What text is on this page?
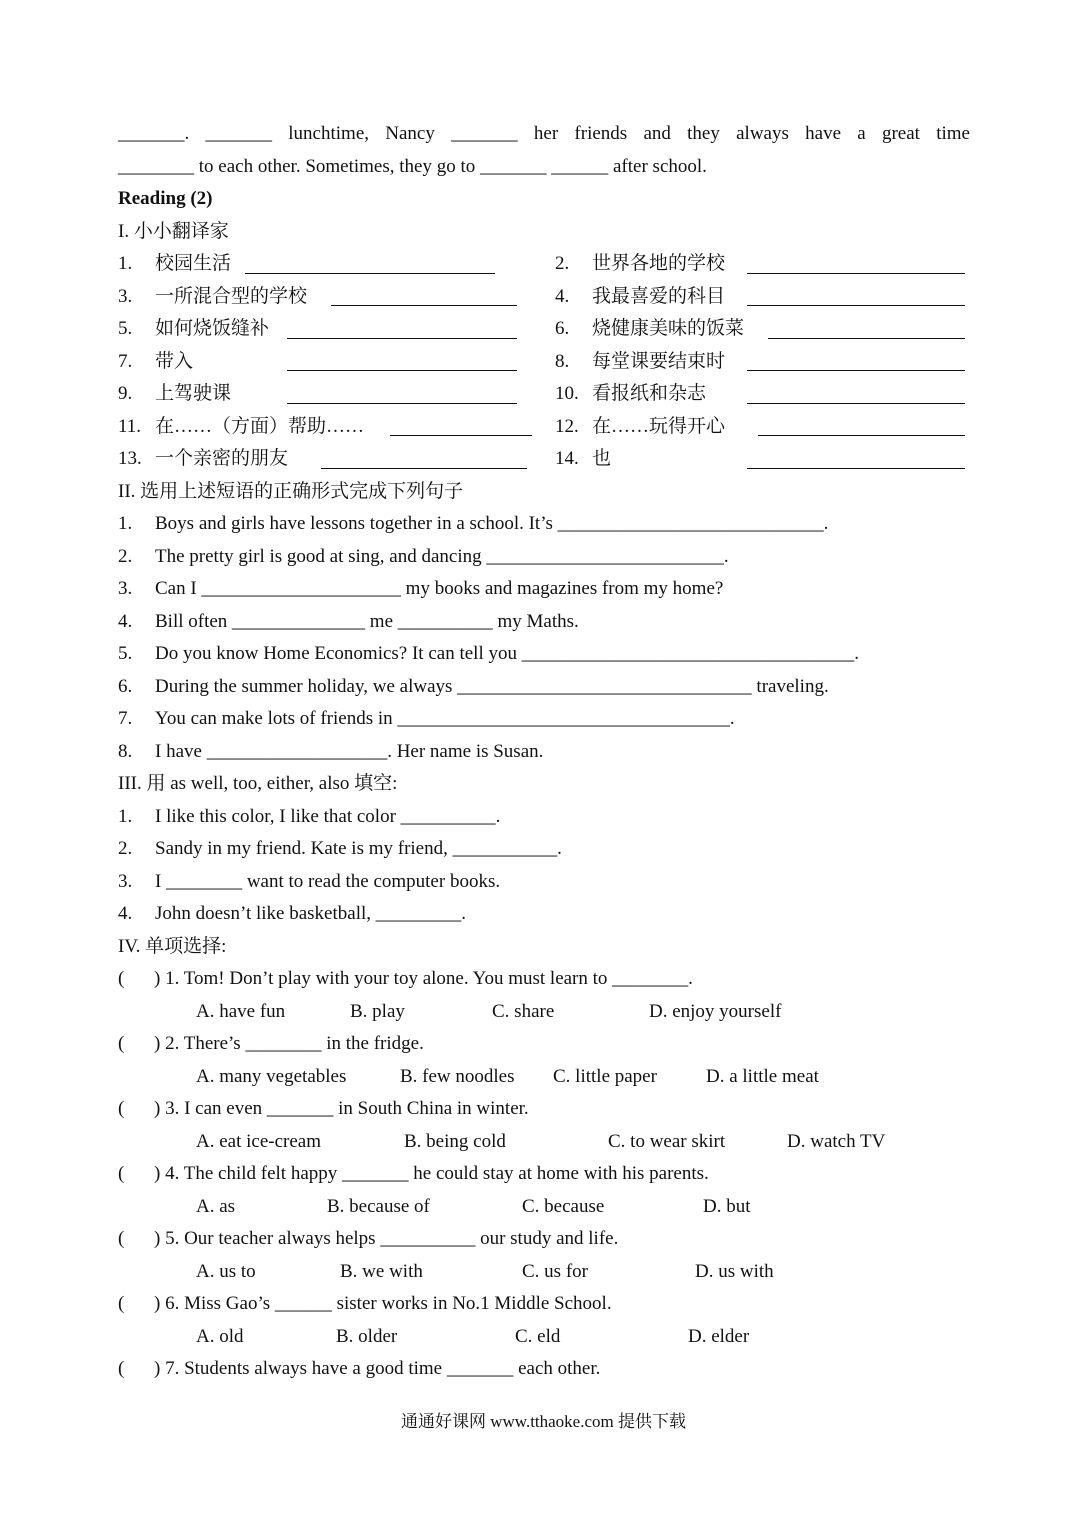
_______. _______ lunchtime, Nancy _______ her friends and they always have a great time
________ to each other. Sometimes, they go to _______ ______ after school.
Reading (2)
I. 小小翻译家
1. 校园生活	2. 世界各地的学校
3. 一所混合型的学校	4. 我最喜爱的科目
5. 如何烧饭缝补	6. 烧健康美味的饭菜
7. 带入	8. 每堂课要结束时
9. 上驾驶课	10. 看报纸和杂志
11. 在……（方面）帮助……	12. 在……玩得开心
13. 一个亲密的朋友	14. 也
II. 选用上述短语的正确形式完成下列句子
1. Boys and girls have lessons together in a school. It’s ____________________________.
2. The pretty girl is good at sing, and dancing _________________________.
3. Can I _____________________ my books and magazines from my home?
4. Bill often ______________ me __________ my Maths.
5. Do you know Home Economics? It can tell you ___________________________________.
6. During the summer holiday, we always _______________________________ traveling.
7. You can make lots of friends in ___________________________________.
8. I have ___________________. Her name is Susan.
III. 用 as well, too, either, also 填空:
1. I like this color, I like that color __________.
2. Sandy in my friend. Kate is my friend, ___________.
3. I ________ want to read the computer books.
4. John doesn’t like basketball, _________.
IV. 单项选择:
( ) 1. Tom! Don’t play with your toy alone. You must learn to ________.
A. have fun	B. play	C. share	D. enjoy yourself
( ) 2. There’s ________ in the fridge.
A. many vegetables	B. few noodles C. little paper	D. a little meat
( ) 3. I can even _______ in South China in winter.
A. eat ice-cream	B. being cold	C. to wear skirt	D. watch TV
( ) 4. The child felt happy _______ he could stay at home with his parents.
A. as	B. because of	C. because	D. but
( ) 5. Our teacher always helps __________ our study and life.
A. us to	B. we with	C. us for	D. us with
( ) 6. Miss Gao’s ______ sister works in No.1 Middle School.
A. old	B. older	C. eld	D. elder
( ) 7. Students always have a good time _______ each other.
通通好课网 www.tthaoke.com 提供下载
